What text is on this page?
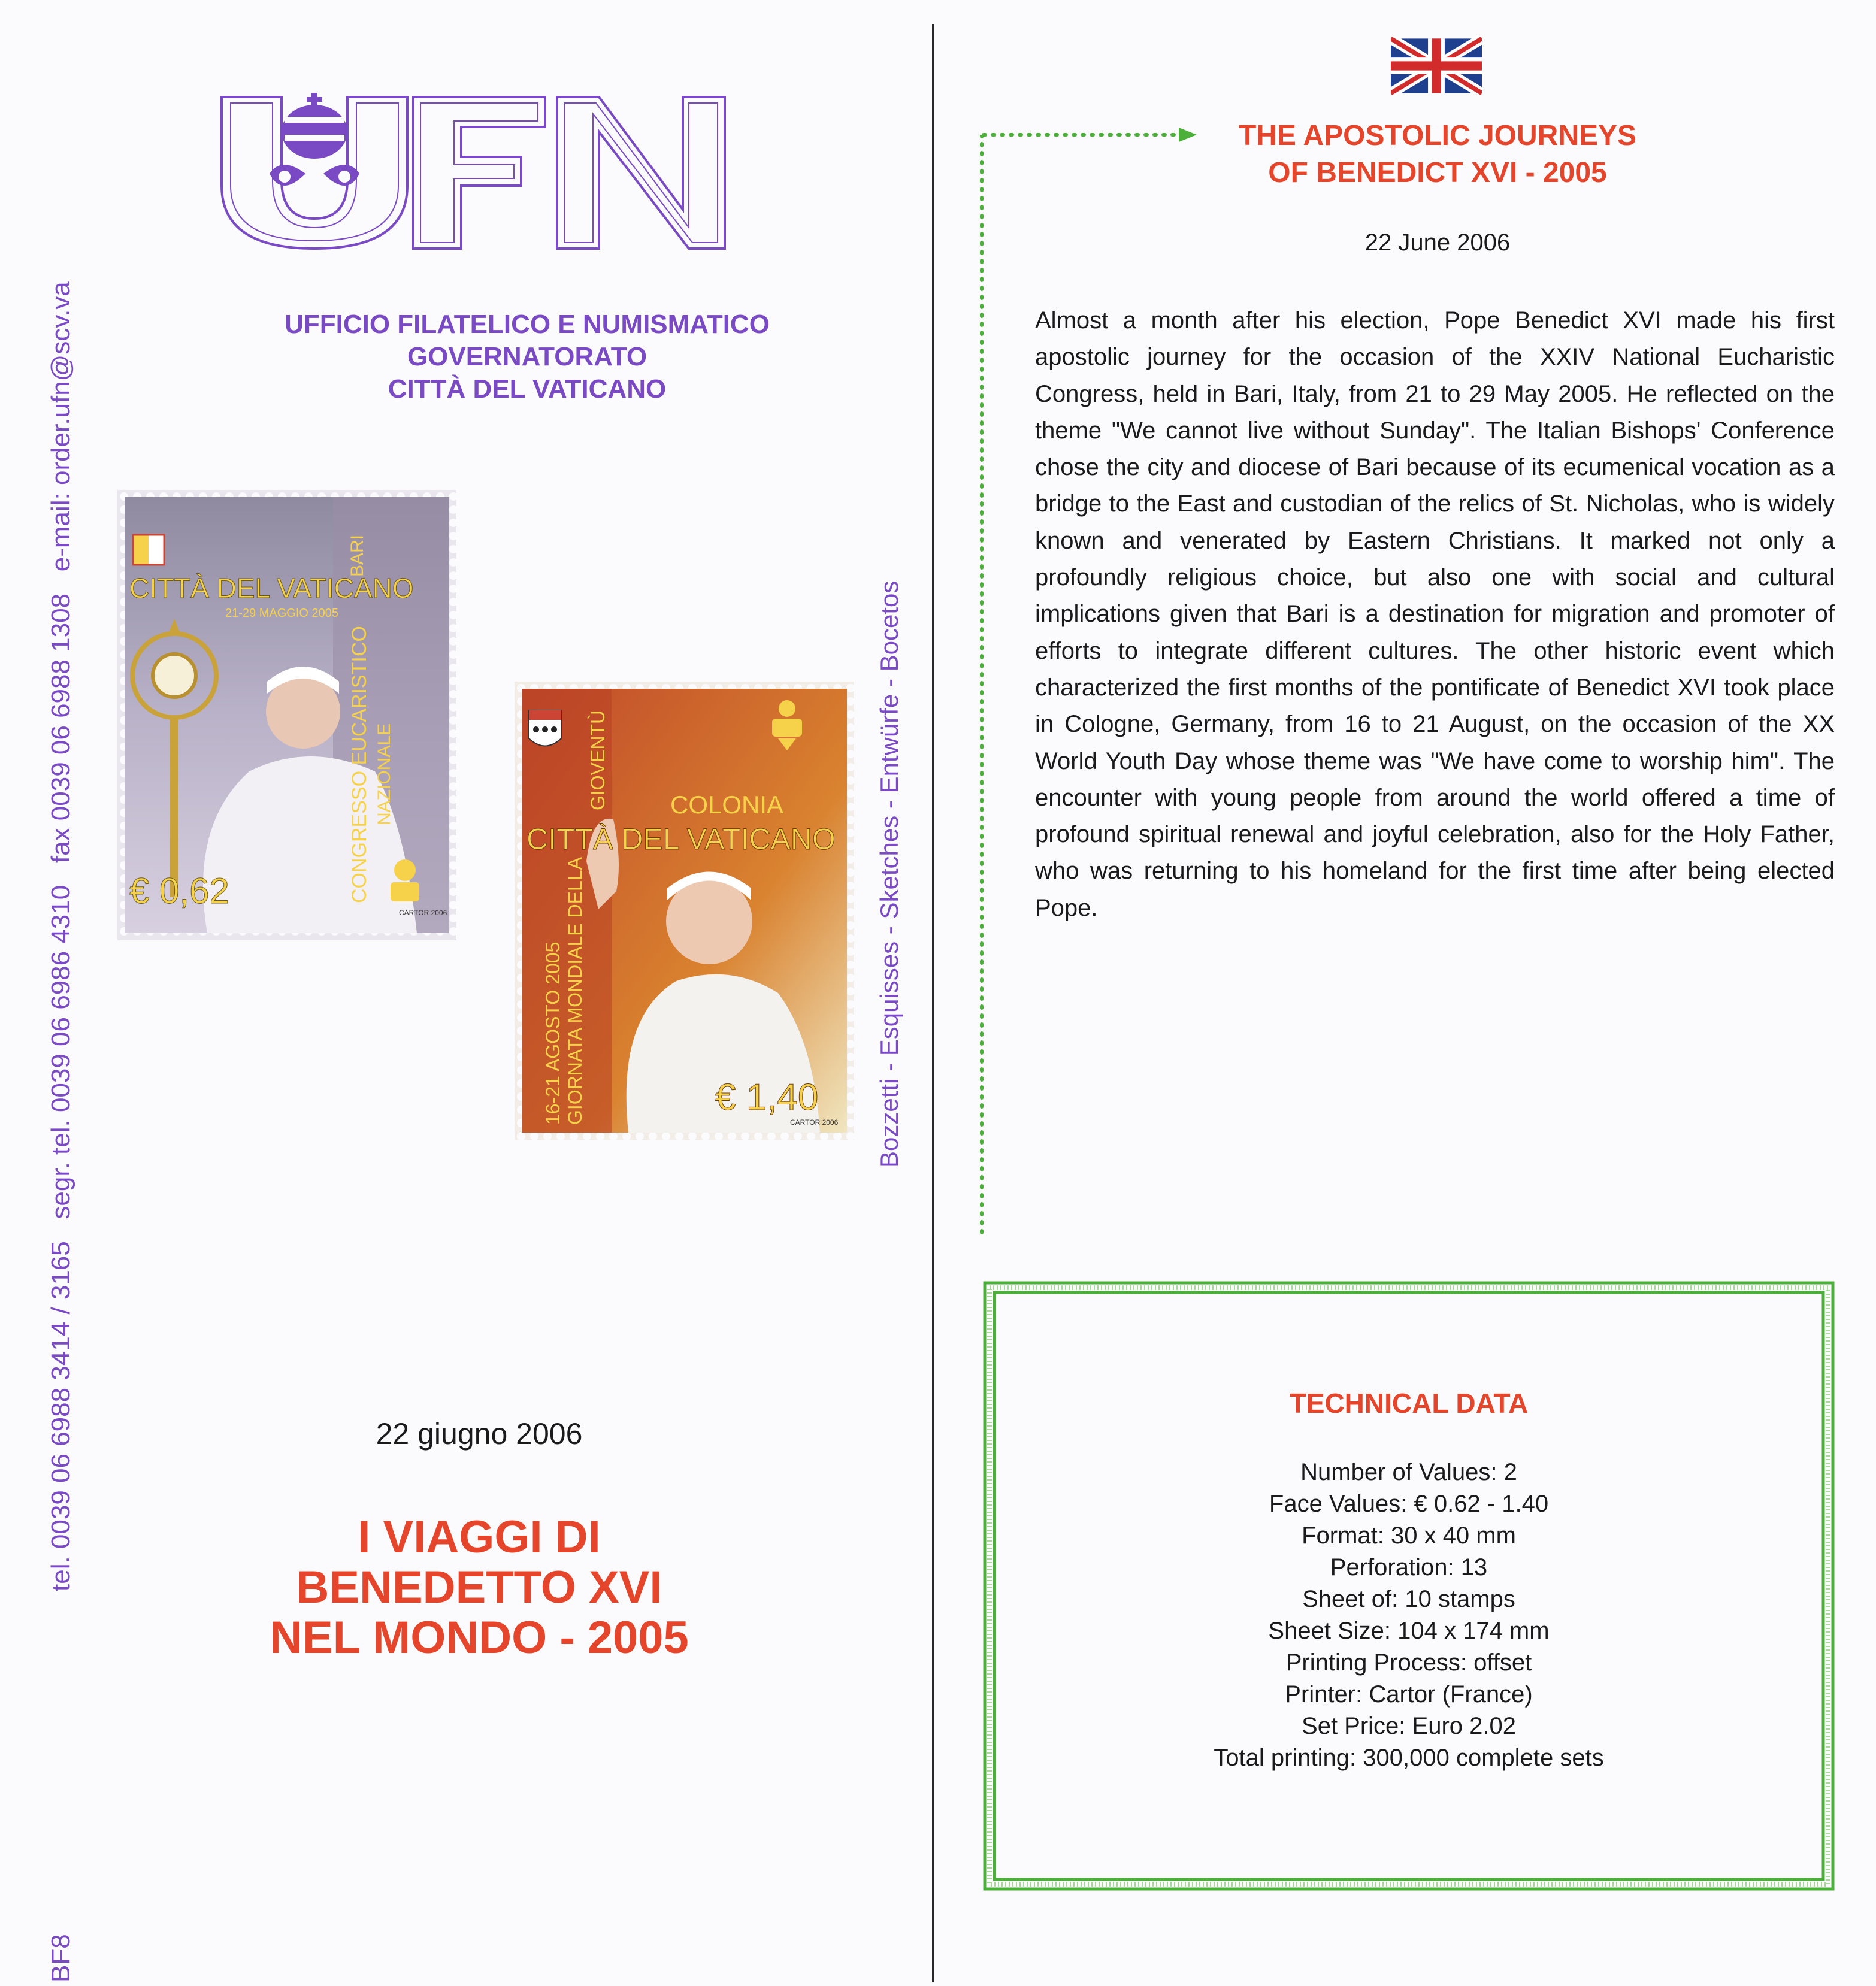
UFN
UFFICIO FILATELICO E NUMISMATICO
GOVERNATORATO
CITTÀ DEL VATICANO
BF8
tel. 0039 06 6988 3414 / 3165   segr. tel. 0039 06 6986 4310   fax 0039 06 6988 1308   e-mail: order.ufn@scv.va	Bozzetti - Esquisses - Sketches - Entwürfe - Bocetos
CITTÀ DEL VATICANO
21-29 MAGGIO 2005
€ 0,62
CARTOR 2006
CONGRESSO EUCARISTICO NAZIONALE
BARI
COLONIA
CITTÀ DEL VATICANO
16-21 AGOSTO 2005 GIORNATA MONDIALE DELLA
GIOVENTÙ
€ 1,40
CARTOR 2006
22 giugno 2006
I VIAGGI DI
BENEDETTO XVI
NEL MONDO - 2005
THE APOSTOLIC JOURNEYS
OF BENEDICT XVI - 2005
22 June 2006
Almost a month after his election, Pope Benedict XVI made his first apostolic journey for the occasion of the XXIV National Eucharistic Congress, held in Bari, Italy, from 21 to 29 May 2005. He reflected on the theme "We cannot live without Sunday". The Italian Bishops' Conference chose the city and diocese of Bari because of its ecumenical vocation as a bridge to the East and custodian of the relics of St. Nicholas, who is widely known and venerated by Eastern Christians. It marked not only a profoundly religious choice, but also one with social and cultural implications given that Bari is a destination for migration and promoter of efforts to integrate different cultures. The other historic event which characterized the first months of the pontificate of Benedict XVI took place in Cologne, Germany, from 16 to 21 August, on the occasion of the XX World Youth Day whose theme was "We have come to worship him". The encounter with young people from around the world offered a time of profound spiritual renewal and joyful celebration, also for the Holy Father, who was returning to his homeland for the first time after being elected Pope.
TECHNICAL DATA
Number of Values: 2
Face Values: € 0.62 - 1.40
Format: 30 x 40 mm
Perforation: 13
Sheet of: 10 stamps
Sheet Size: 104 x 174 mm
Printing Process: offset
Printer: Cartor (France)
Set Price: Euro 2.02
Total printing: 300,000 complete sets
